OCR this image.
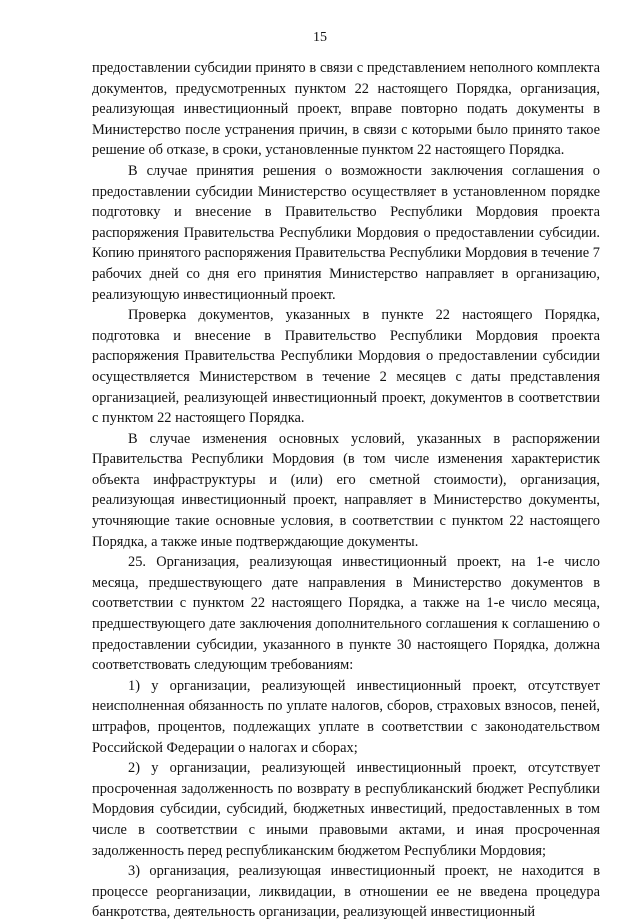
15

предоставлении субсидии принято в связи с представлением неполного комплекта документов, предусмотренных пунктом 22 настоящего Порядка, организация, реализующая инвестиционный проект, вправе повторно подать документы в Министерство после устранения причин, в связи с которыми было принято такое решение об отказе, в сроки, установленные пунктом 22 настоящего Порядка.

В случае принятия решения о возможности заключения соглашения о предоставлении субсидии Министерство осуществляет в установленном порядке подготовку и внесение в Правительство Республики Мордовия проекта распоряжения Правительства Республики Мордовия о предоставлении субсидии. Копию принятого распоряжения Правительства Республики Мордовия в течение 7 рабочих дней со дня его принятия Министерство направляет в организацию, реализующую инвестиционный проект.

Проверка документов, указанных в пункте 22 настоящего Порядка, подготовка и внесение в Правительство Республики Мордовия проекта распоряжения Правительства Республики Мордовия о предоставлении субсидии осуществляется Министерством в течение 2 месяцев с даты представления организацией, реализующей инвестиционный проект, документов в соответствии с пунктом 22 настоящего Порядка.

В случае изменения основных условий, указанных в распоряжении Правительства Республики Мордовия (в том числе изменения характеристик объекта инфраструктуры и (или) его сметной стоимости), организация, реализующая инвестиционный проект, направляет в Министерство документы, уточняющие такие основные условия, в соответствии с пунктом 22 настоящего Порядка, а также иные подтверждающие документы.

25. Организация, реализующая инвестиционный проект, на 1-е число месяца, предшествующего дате направления в Министерство документов в соответствии с пунктом 22 настоящего Порядка, а также на 1-е число месяца, предшествующего дате заключения дополнительного соглашения к соглашению о предоставлении субсидии, указанного в пункте 30 настоящего Порядка, должна соответствовать следующим требованиям:

1) у организации, реализующей инвестиционный проект, отсутствует неисполненная обязанность по уплате налогов, сборов, страховых взносов, пеней, штрафов, процентов, подлежащих уплате в соответствии с законодательством Российской Федерации о налогах и сборах;

2) у организации, реализующей инвестиционный проект, отсутствует просроченная задолженность по возврату в республиканский бюджет Республики Мордовия субсидии, субсидий, бюджетных инвестиций, предоставленных в том числе в соответствии с иными правовыми актами, и иная просроченная задолженность перед республиканским бюджетом Республики Мордовия;

3) организация, реализующая инвестиционный проект, не находится в процессе реорганизации, ликвидации, в отношении ее не введена процедура банкротства, деятельность организации, реализующей инвестиционный
